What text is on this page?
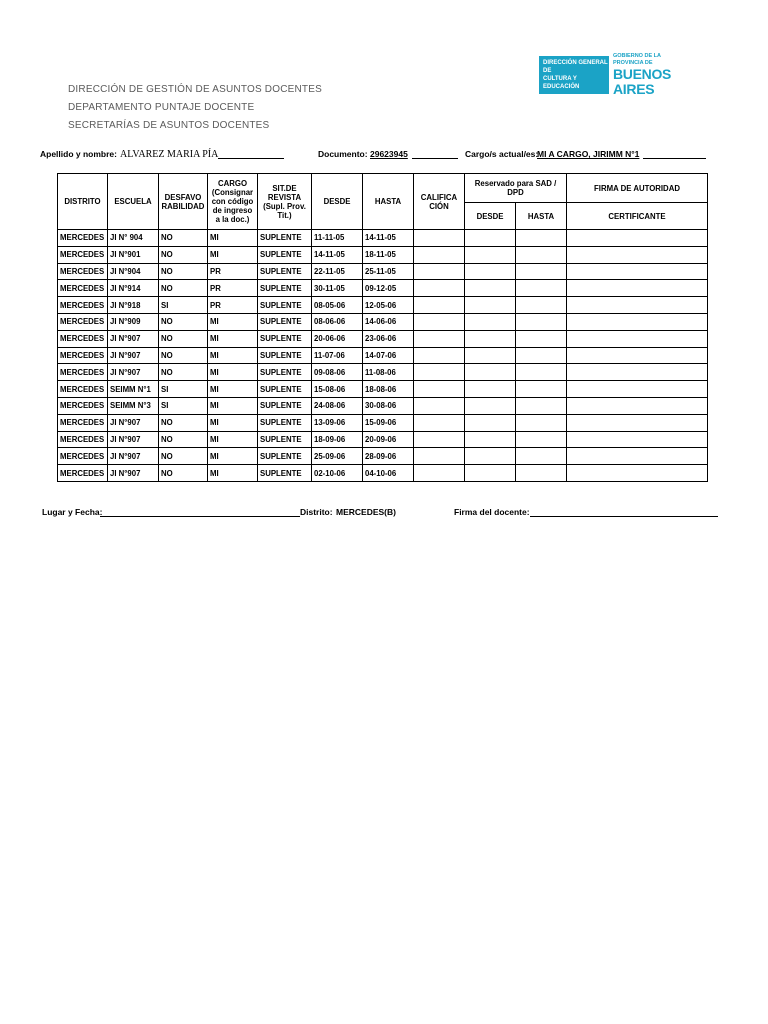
DIRECCIÓN DE GESTIÓN DE ASUNTOS DOCENTES
DEPARTAMENTO PUNTAJE DOCENTE
SECRETARÍAS DE ASUNTOS DOCENTES
DIRECCIÓN GENERAL DE
CULTURA Y EDUCACIÓN
GOBIERNO DE LA PROVINCIA DE
BUENOS AIRES
Apellido y nombre: ALVAREZ MARIA PÍA	Documento: 29623945	Cargo/s actual/es:
MI A CARGO, JIRIMM N°1
DISTRITO	ESCUELA	DESFAVO RABILIDAD	CARGO (Consignar con código de ingreso a la doc.)	SIT.DE REVISTA (Supl. Prov. Tit.)	DESDE	HASTA	CALIFICA CIÓN	Reservado para SAD / DPD		FIRMA DE AUTORIDAD
								DESDE	HASTA	CERTIFICANTE
MERCEDES	JI N° 904	NO	MI	SUPLENTE	11-11-05	14-11-05				
MERCEDES	JI N°901	NO	MI	SUPLENTE	14-11-05	18-11-05				
MERCEDES	JI N°904	NO	PR	SUPLENTE	22-11-05	25-11-05				
MERCEDES	JI N°914	NO	PR	SUPLENTE	30-11-05	09-12-05				
MERCEDES	JI N°918	SI	PR	SUPLENTE	08-05-06	12-05-06				
MERCEDES	JI N°909	NO	MI	SUPLENTE	08-06-06	14-06-06				
MERCEDES	JI N°907	NO	MI	SUPLENTE	20-06-06	23-06-06				
MERCEDES	JI N°907	NO	MI	SUPLENTE	11-07-06	14-07-06				
MERCEDES	JI N°907	NO	MI	SUPLENTE	09-08-06	11-08-06				
MERCEDES	SEIMM N°1	SI	MI	SUPLENTE	15-08-06	18-08-06				
MERCEDES	SEIMM N°3	SI	MI	SUPLENTE	24-08-06	30-08-06				
MERCEDES	JI N°907	NO	MI	SUPLENTE	13-09-06	15-09-06				
MERCEDES	JI N°907	NO	MI	SUPLENTE	18-09-06	20-09-06				
MERCEDES	JI N°907	NO	MI	SUPLENTE	25-09-06	28-09-06				
MERCEDES	JI N°907	NO	MI	SUPLENTE	02-10-06	04-10-06				
Lugar y Fecha:	Distrito: MERCEDES(B)	Firma del docente:
